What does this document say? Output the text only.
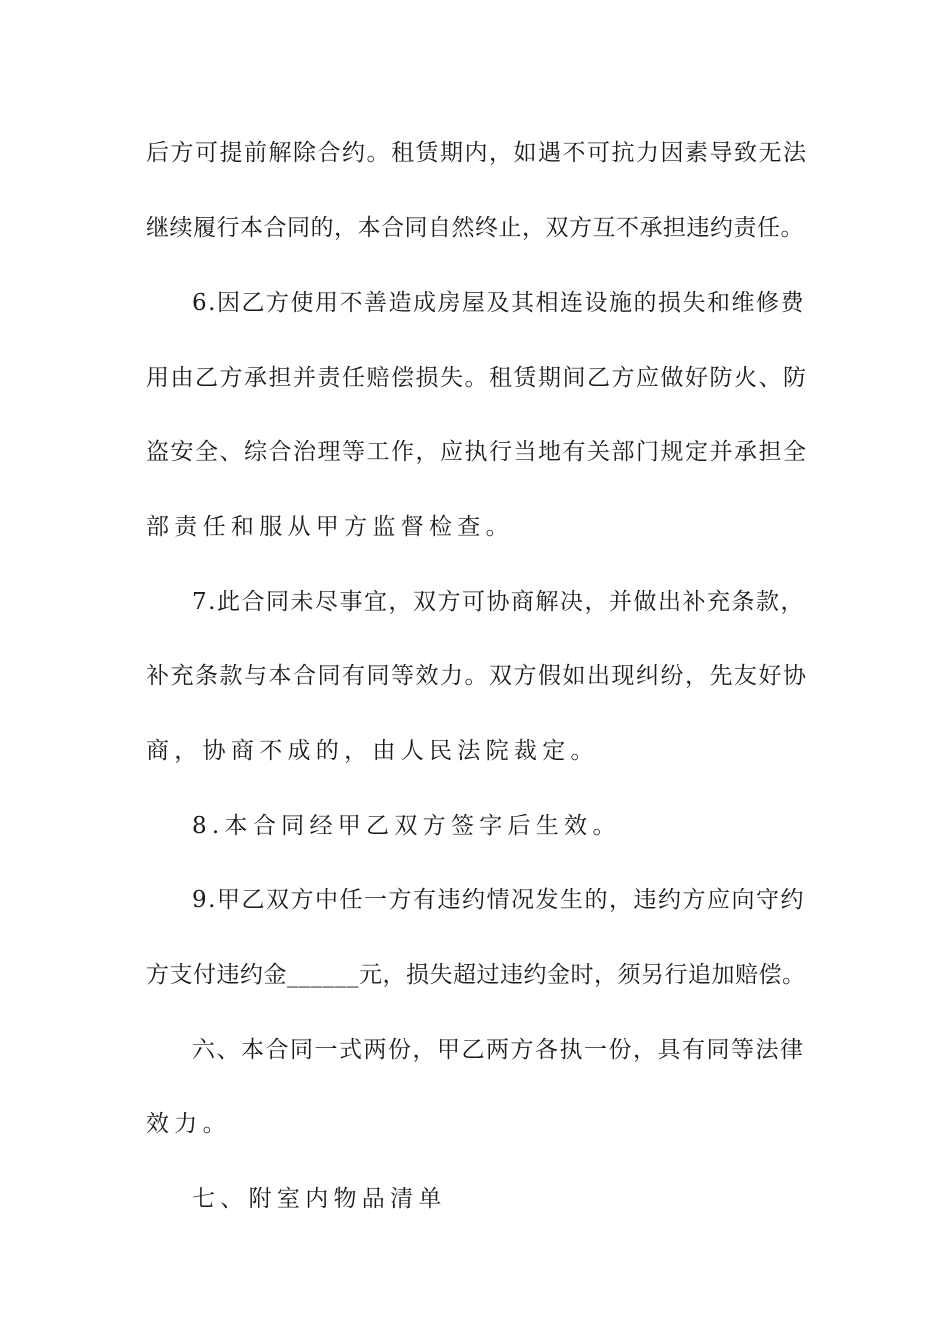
后方可提前解除合约。租赁期内，如遇不可抗力因素导致无法
继续履行本合同的，本合同自然终止，双方互不承担违约责任。
6.因乙方使用不善造成房屋及其相连设施的损失和维修费
用由乙方承担并责任赔偿损失。租赁期间乙方应做好防火、防
盗安全、综合治理等工作，应执行当地有关部门规定并承担全
部责任和服从甲方监督检查。
7.此合同未尽事宜，双方可协商解决，并做出补充条款，
补充条款与本合同有同等效力。双方假如出现纠纷，先友好协
商，协商不成的，由人民法院裁定。
8.本合同经甲乙双方签字后生效。
9.甲乙双方中任一方有违约情况发生的，违约方应向守约
方支付违约金______元，损失超过违约金时，须另行追加赔偿。
六、本合同一式两份，甲乙两方各执一份，具有同等法律
效力。
七、附室内物品清单
